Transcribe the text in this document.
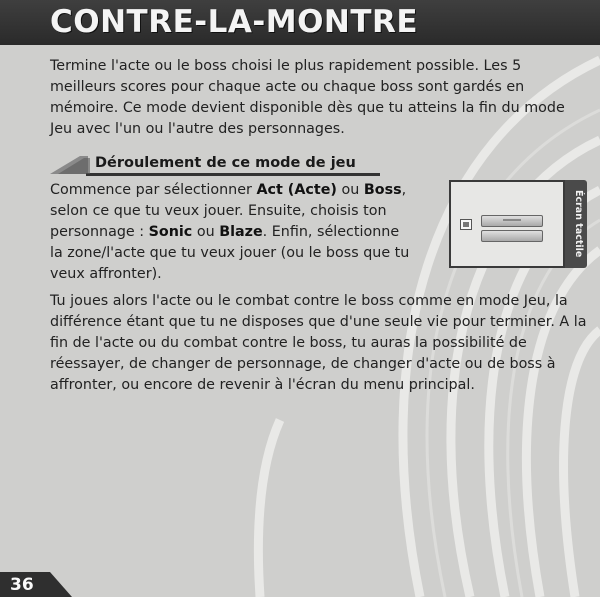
CONTRE-LA-MONTRE
Termine l'acte ou le boss choisi le plus rapidement possible. Les 5 meilleurs scores pour chaque acte ou chaque boss sont gardés en mémoire. Ce mode devient disponible dès que tu atteins la fin du mode Jeu avec l'un ou l'autre des personnages.
Déroulement de ce mode de jeu
Commence par sélectionner Act (Acte) ou Boss, selon ce que tu veux jouer. Ensuite, choisis ton personnage : Sonic ou Blaze. Enfin, sélectionne la zone/l'acte que tu veux jouer (ou le boss que tu veux affronter).
Écran tactile
Tu joues alors l'acte ou le combat contre le boss comme en mode Jeu, la différence étant que tu ne disposes que d'une seule vie pour terminer. A la fin de l'acte ou du combat contre le boss, tu auras la possibilité de réessayer, de changer de personnage, de changer d'acte ou de boss à affronter, ou encore de revenir à l'écran du menu principal.
36
